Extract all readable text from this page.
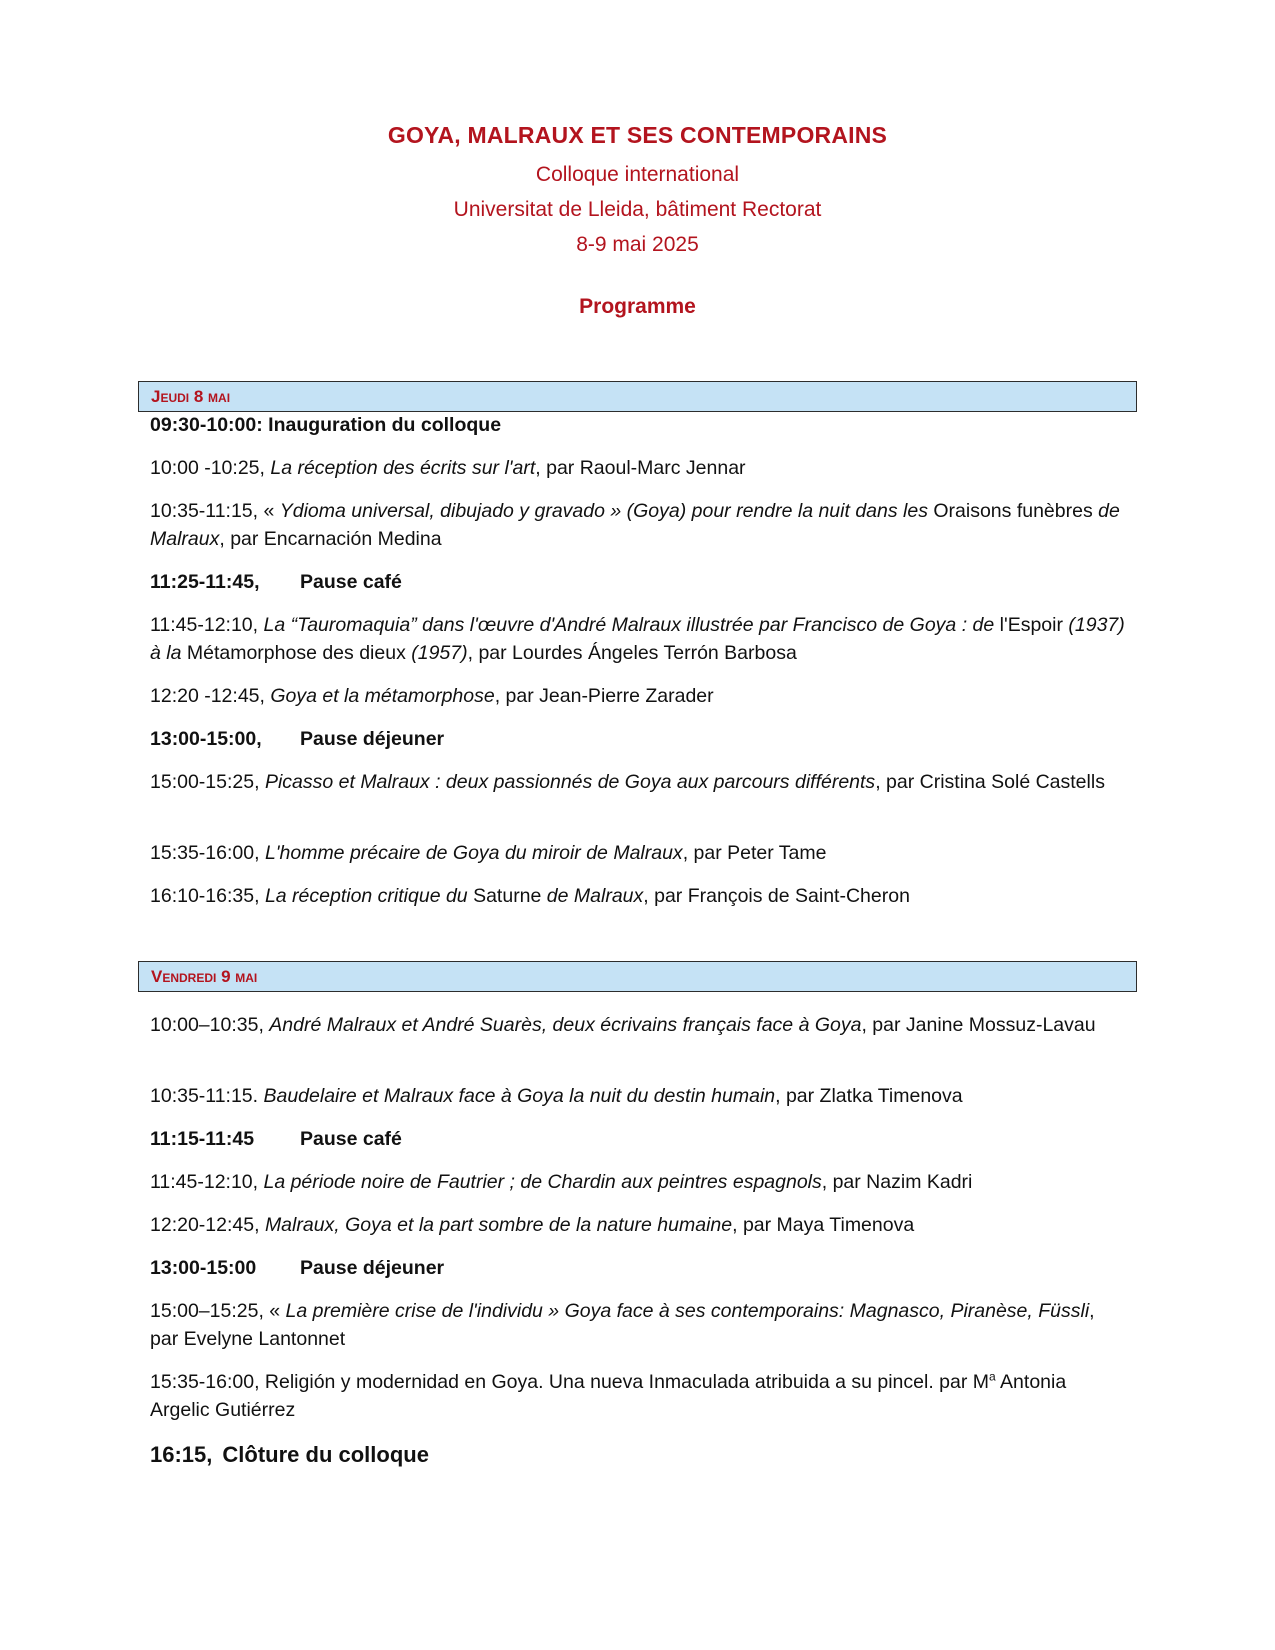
GOYA, MALRAUX ET SES CONTEMPORAINS
Colloque international
Universitat de Lleida, bâtiment Rectorat
8-9 mai 2025
Programme
Jeudi 8 mai
09:30-10:00: Inauguration du colloque
10:00 -10:25, La réception des écrits sur l'art, par Raoul-Marc Jennar
10:35-11:15, « Ydioma universal, dibujado y gravado » (Goya) pour rendre la nuit dans les Oraisons funèbres de Malraux, par Encarnación Medina
11:25-11:45,	Pause café
11:45-12:10, La “Tauromaquia” dans l'œuvre d'André Malraux illustrée par Francisco de Goya : de l'Espoir (1937) à la Métamorphose des dieux (1957), par Lourdes Ángeles Terrón Barbosa
12:20 -12:45, Goya et la métamorphose, par Jean-Pierre Zarader
13:00-15:00,	Pause déjeuner
15:00-15:25, Picasso et Malraux : deux passionnés de Goya aux parcours différents, par Cristina Solé Castells
15:35-16:00, L'homme précaire de Goya du miroir de Malraux, par Peter Tame
16:10-16:35, La réception critique du Saturne de Malraux, par François de Saint-Cheron
Vendredi 9 mai
10:00–10:35, André Malraux et André Suarès, deux écrivains français face à Goya, par Janine Mossuz-Lavau
10:35-11:15. Baudelaire et Malraux face à Goya la nuit du destin humain, par Zlatka Timenova
11:15-11:45	Pause café
11:45-12:10, La période noire de Fautrier ; de Chardin aux peintres espagnols, par Nazim Kadri
12:20-12:45, Malraux, Goya et la part sombre de la nature humaine, par Maya Timenova
13:00-15:00	Pause déjeuner
15:00–15:25, « La première crise de l'individu » Goya face à ses contemporains: Magnasco, Piranèse, Füssli, par Evelyne Lantonnet
15:35-16:00, Religión y modernidad en Goya. Una nueva Inmaculada atribuida a su pincel. par $M^a$ Antonia Argelic Gutiérrez
16:15, Clôture du colloque
